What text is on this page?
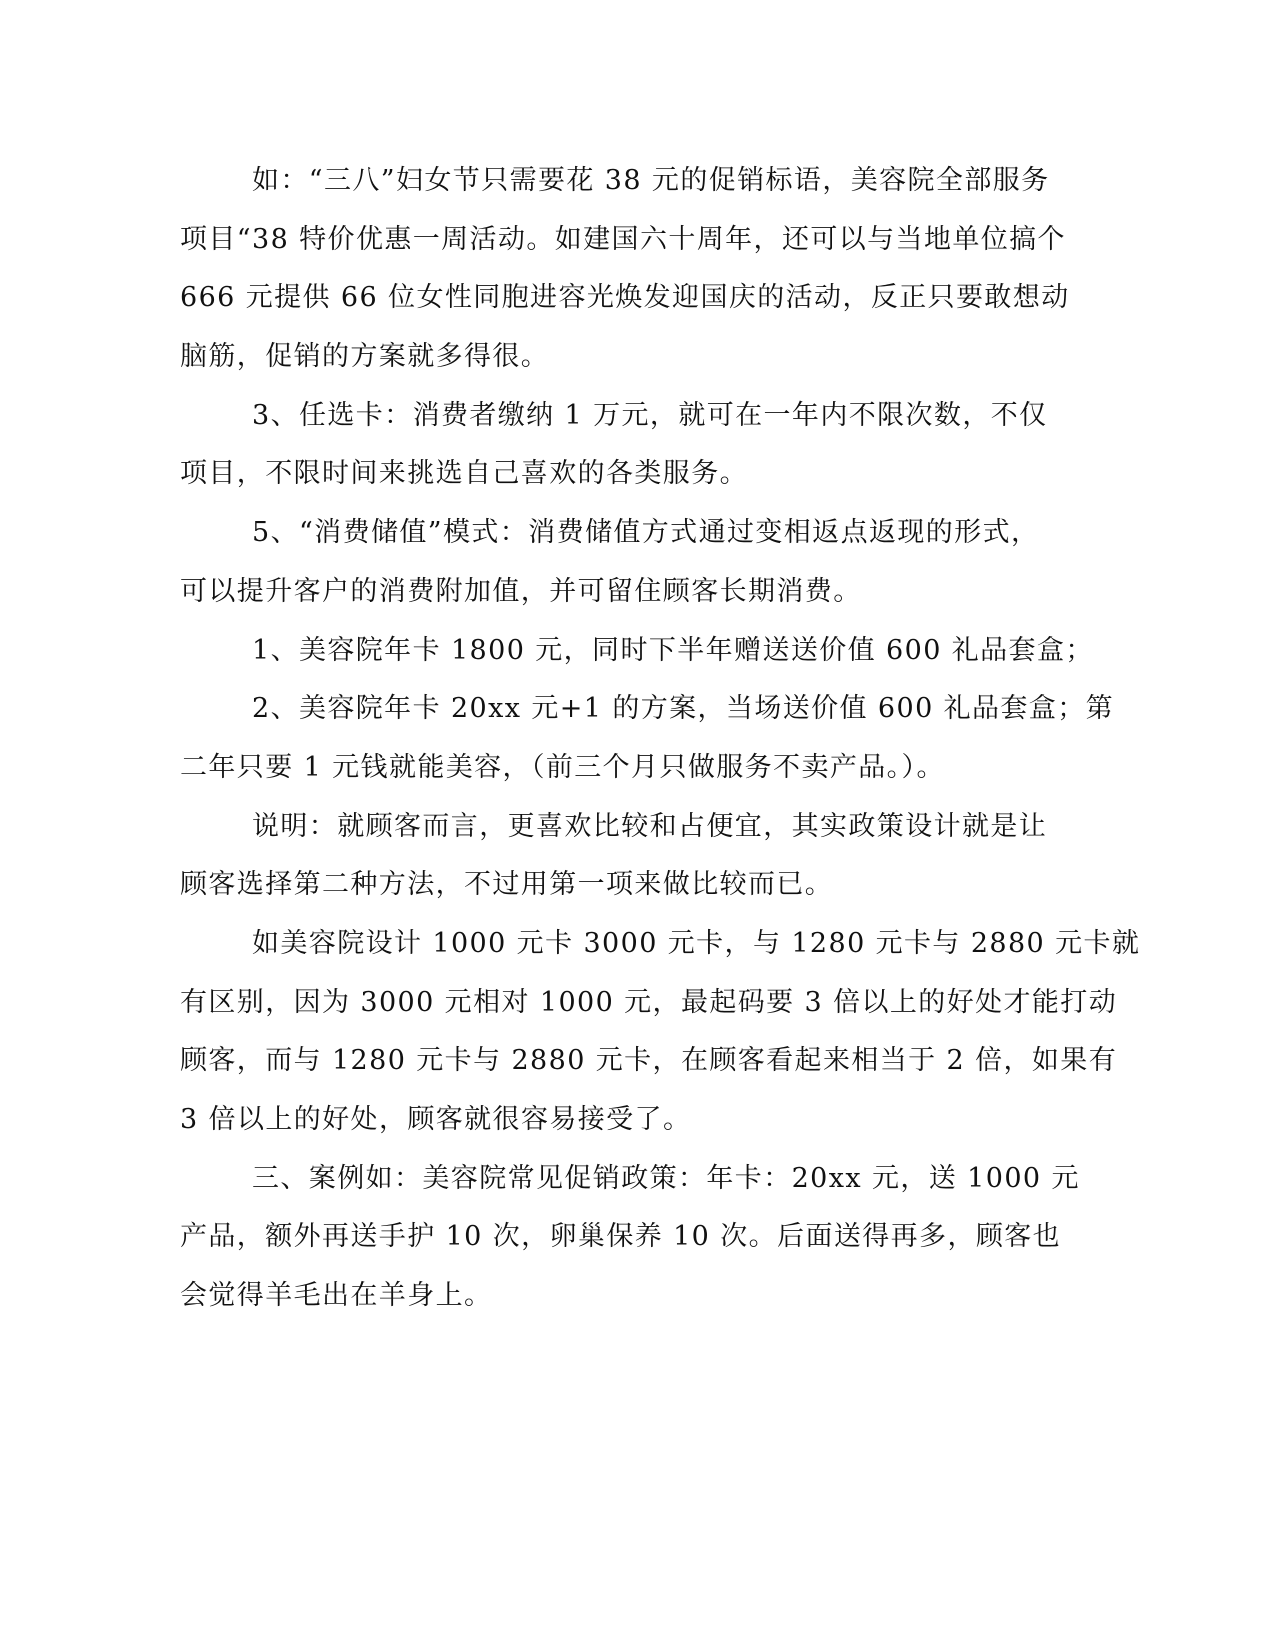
如：“三八”妇女节只需要花 38 元的促销标语，美容院全部服务
项目“38 特价优惠一周活动。如建国六十周年，还可以与当地单位搞个
666 元提供 66 位女性同胞进容光焕发迎国庆的活动，反正只要敢想动
脑筋，促销的方案就多得很。
3、任选卡：消费者缴纳 1 万元，就可在一年内不限次数，不仅
项目，不限时间来挑选自己喜欢的各类服务。
5、“消费储值”模式：消费储值方式通过变相返点返现的形式，
可以提升客户的消费附加值，并可留住顾客长期消费。
1、美容院年卡 1800 元，同时下半年赠送送价值 600 礼品套盒；
2、美容院年卡 20xx 元+1 的方案，当场送价值 600 礼品套盒；第
二年只要 1 元钱就能美容，（前三个月只做服务不卖产品。）。
说明：就顾客而言，更喜欢比较和占便宜，其实政策设计就是让
顾客选择第二种方法，不过用第一项来做比较而已。
如美容院设计 1000 元卡 3000 元卡，与 1280 元卡与 2880 元卡就
有区别，因为 3000 元相对 1000 元，最起码要 3 倍以上的好处才能打动
顾客，而与 1280 元卡与 2880 元卡，在顾客看起来相当于 2 倍，如果有
3 倍以上的好处，顾客就很容易接受了。
三、案例如：美容院常见促销政策：年卡：20xx 元，送 1000 元
产品，额外再送手护 10 次，卵巢保养 10 次。后面送得再多，顾客也
会觉得羊毛出在羊身上。
